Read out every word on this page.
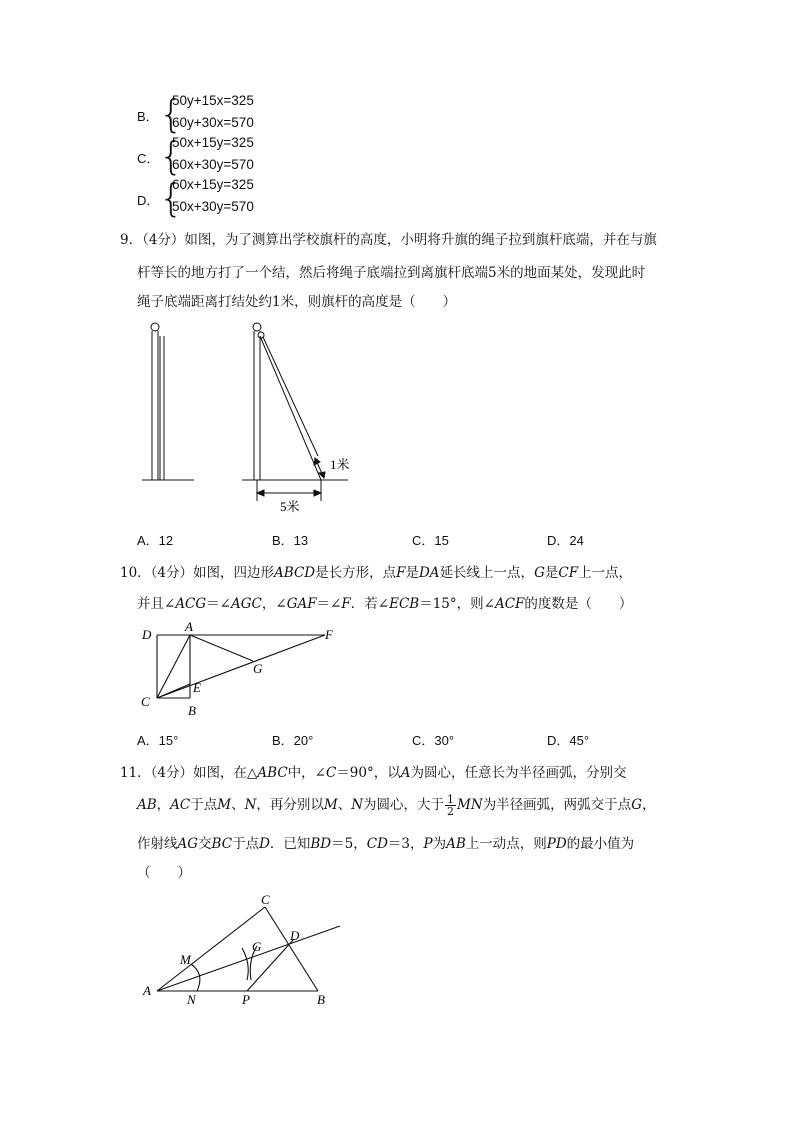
B． {
50y+15x=325
60y+30x=570
C． {
50x+15y=325
60x+30y=570
D． {
60x+15y=325
50x+30y=570
9．（4分）如图，为了测算出学校旗杆的高度，小明将升旗的绳子拉到旗杆底端，并在与旗
杆等长的地方打了一个结，然后将绳子底端拉到离旗杆底端5米的地面某处，发现此时
绳子底端距离打结处约1米，则旗杆的高度是（　　）
1米
5米
A．12	B．13	C．15	D．24
10．（4分）如图，四边形ABCD是长方形，点F是DA延长线上一点，G是CF上一点，
并且∠ACG＝∠AGC，∠GAF＝∠F．若∠ECB＝15°，则∠ACF的度数是（　　）
D
A
F
G
C
E
B
A．15°	B．20°	C．30°	D．45°
11．（4分）如图，在△ABC中，∠C＝90°，以A为圆心，任意长为半径画弧，分别交
AB，AC于点M、N，再分别以M、N为圆心，大于 $\frac{1}{2}$ MN为半径画弧，两弧交于点G，
作射线AG交BC于点D．已知BD＝5，CD＝3，P为AB上一动点，则PD的最小值为
（　　）
C
D
M
G
A
N	P	B
